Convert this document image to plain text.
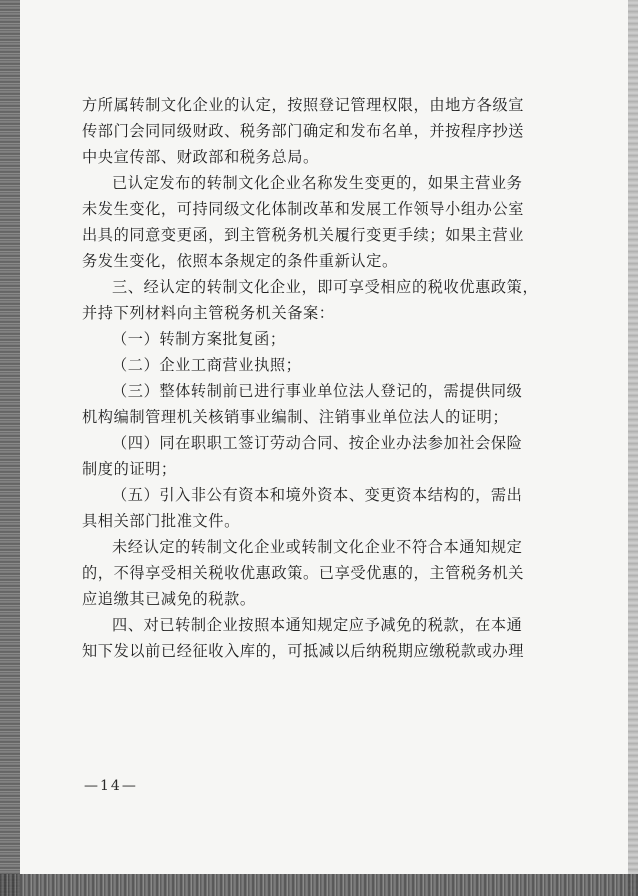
方所属转制文化企业的认定，按照登记管理权限，由地方各级宣
传部门会同同级财政、税务部门确定和发布名单，并按程序抄送
中央宣传部、财政部和税务总局。
已认定发布的转制文化企业名称发生变更的，如果主营业务
未发生变化，可持同级文化体制改革和发展工作领导小组办公室
出具的同意变更函，到主管税务机关履行变更手续；如果主营业
务发生变化，依照本条规定的条件重新认定。
三、经认定的转制文化企业，即可享受相应的税收优惠政策，
并持下列材料向主管税务机关备案：
（一）转制方案批复函；
（二）企业工商营业执照；
（三）整体转制前已进行事业单位法人登记的，需提供同级
机构编制管理机关核销事业编制、注销事业单位法人的证明；
（四）同在职职工签订劳动合同、按企业办法参加社会保险
制度的证明；
（五）引入非公有资本和境外资本、变更资本结构的，需出
具相关部门批准文件。
未经认定的转制文化企业或转制文化企业不符合本通知规定
的，不得享受相关税收优惠政策。已享受优惠的，主管税务机关
应追缴其已减免的税款。
四、对已转制企业按照本通知规定应予减免的税款，在本通
知下发以前已经征收入库的，可抵减以后纳税期应缴税款或办理
—14—
